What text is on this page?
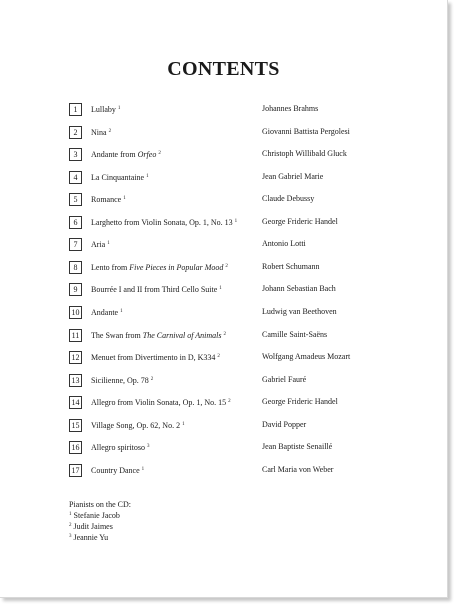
CONTENTS
1	Lullaby $^1$	Johannes Brahms
2	Nina $^2$	Giovanni Battista Pergolesi
3	Andante from Orfeo $^2$	Christoph Willibald Gluck
4	La Cinquantaine $^1$	Jean Gabriel Marie
5	Romance $^1$	Claude Debussy
6	Larghetto from Violin Sonata, Op. 1, No. 13 $^1$	George Frideric Handel
7	Aria $^1$	Antonio Lotti
8	Lento from Five Pieces in Popular Mood $^2$	Robert Schumann
9	Bourrée I and II from Third Cello Suite $^1$	Johann Sebastian Bach
10	Andante $^1$	Ludwig van Beethoven
11	The Swan from The Carnival of Animals $^2$	Camille Saint-Saëns
12	Menuet from Divertimento in D, K334 $^2$	Wolfgang Amadeus Mozart
13	Sicilienne, Op. 78 $^2$	Gabriel Fauré
14	Allegro from Violin Sonata, Op. 1, No. 15 $^2$	George Frideric Handel
15	Village Song, Op. 62, No. 2 $^1$	David Popper
16	Allegro spiritoso $^3$	Jean Baptiste Senaillé
17	Country Dance $^1$	Carl Maria von Weber
Pianists on the CD:
$^1$ Stefanie Jacob
$^2$ Judit Jaimes
$^3$ Jeannie Yu
